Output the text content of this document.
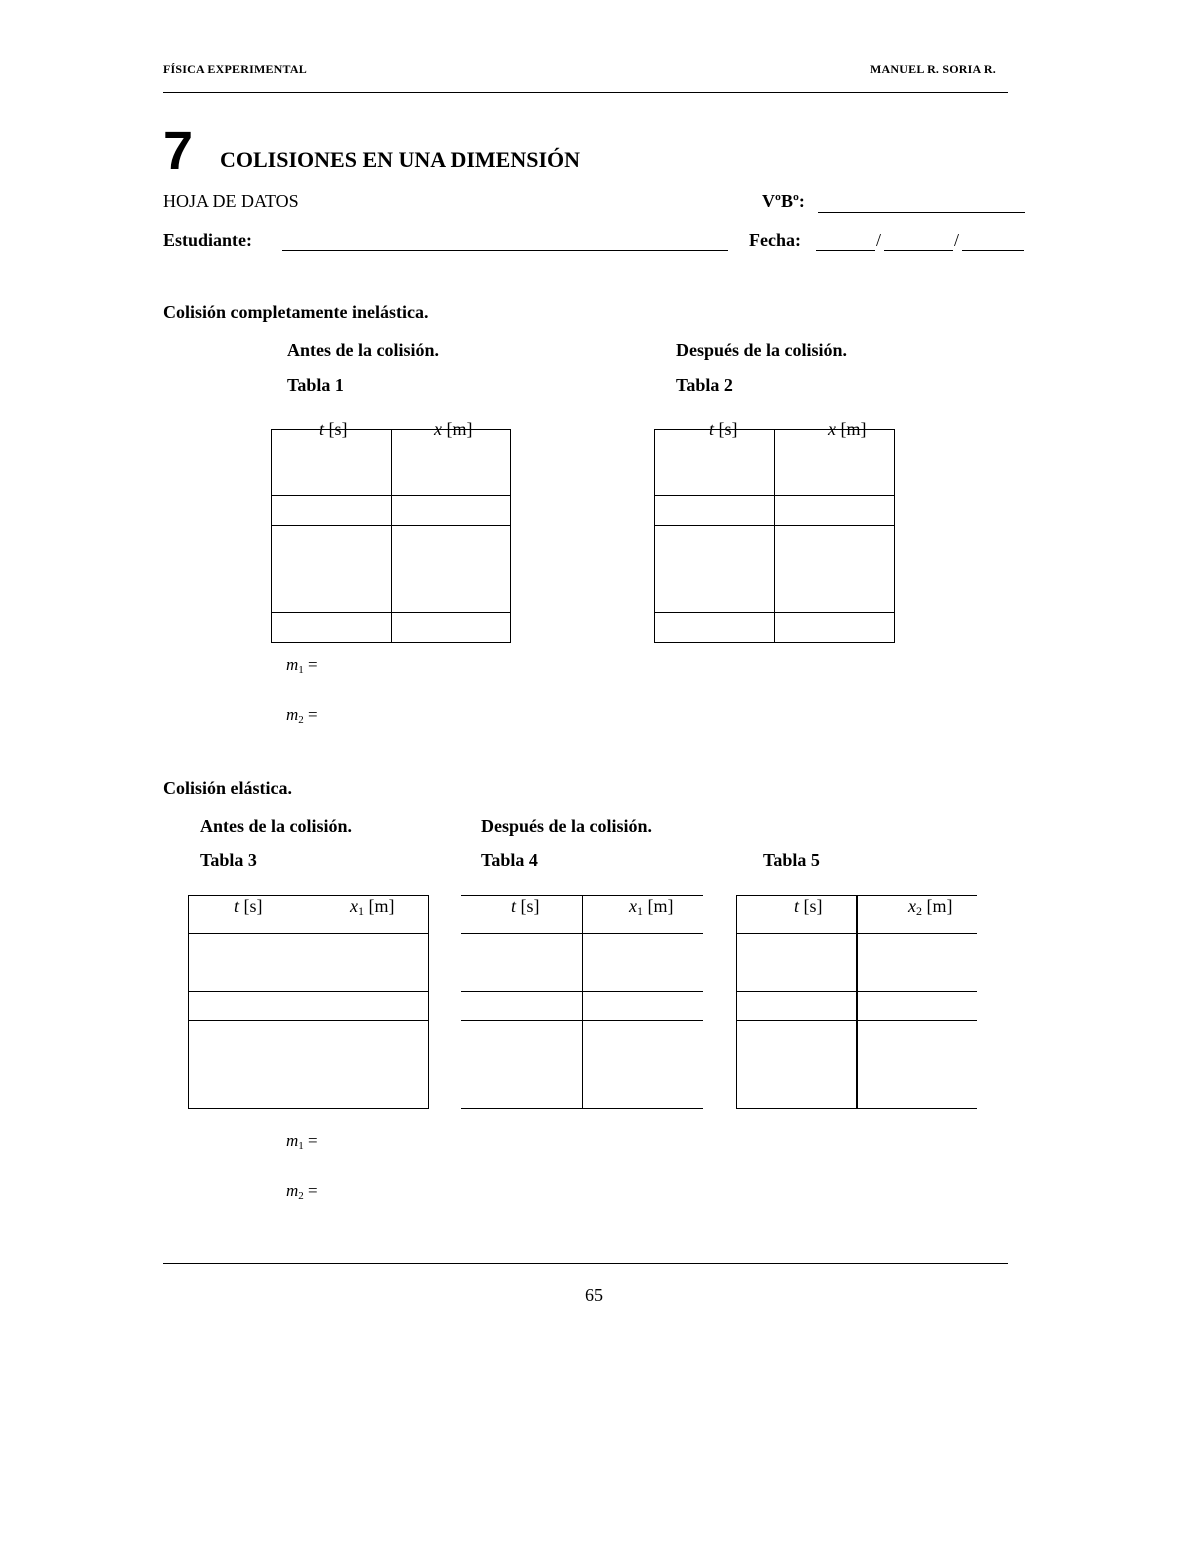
FÍSICA EXPERIMENTAL	MANUEL R. SORIA R.
7 COLISIONES EN UNA DIMENSIÓN
HOJA DE DATOS	VºBº:
Estudiante:	Fecha:	/	/
Colisión completamente inelástica.
Antes de la colisión.	Después de la colisión.
Tabla 1	Tabla 2
t [s]	x [m]	t [s]	x [m]
$m_1$ =
$m_2$ =
Colisión elástica.
Antes de la colisión.	Después de la colisión.
Tabla 3	Tabla 4	Tabla 5
t [s]	$x_1$ [m]	t [s]	$x_1$ [m]	t [s]	$x_2$ [m]
$m_1$ =
$m_2$ =
65
